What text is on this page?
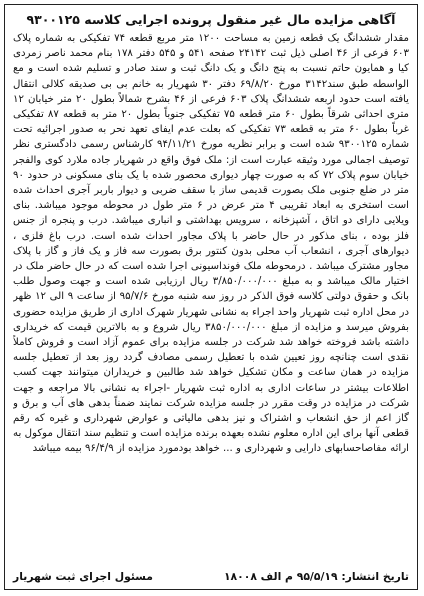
آگاهی مزایده مال غیر منقول پرونده اجرایی کلاسه ۹۳۰۰۱۲۵
مقدار ششدانگ یک قطعه زمین به مساحت ۱۲۰۰ متر مربع قطعه ۷۴ تفکیکی به شماره پلاک ۶۰۳ فرعی از ۴۶ اصلی ذیل ثبت ۲۴۱۴۲ صفحه ۵۴۱ و ۵۴۵ دفتر ۱۷۸ بنام محمد ناصر زمردی کیا و همایون حاتم نسبت به پنج دانگ و یک دانگ ثبت و سند صادر و تسلیم شده است و مع الواسطه طبق سند۳۱۴۲ مورخ ۶۹/۸/۲۰ دفتر ۳۰ شهریار به خانم بی بی صدیقه کلالی انتقال یافته است حدود اربعه ششدانگ پلاک ۶۰۳ فرعی از ۴۶ بشرح شمالاً بطول ۲۰ متر خیابان ۱۲ متری احداثی شرقاً بطول ۶۰ متر قطعه ۷۵ تفکیکی جنوباً بطول ۲۰ متر به قطعه ۸۷ تفکیکی غرباً بطول ۶۰ متر به قطعه ۷۳ تفکیکی که بعلت عدم ایفای تعهد نحر به صدور اجرائیه تحت شماره ۹۳۰۰۱۲۵ شده است و برابر نظریه مورخ ۹۴/۱۱/۲۱ کارشناس رسمی دادگستری نظر توصیف اجمالی مورد وثیقه عبارت است از: ملک فوق واقع در شهریار جاده ملارد کوی والفجر خیابان سوم پلاک ۷۲ که به صورت چهار دیواری محصور شده با یک بنای مسکونی در حدود ۹۰ متر در ضلع جنوبی ملک بصورت قدیمی ساز با سقف ضربی و دیوار باربر آجری احداث شده است استخری به ابعاد تقریبی ۴ متر عرض در ۶ متر طول در محوطه موجود میباشد. بنای ویلایی دارای دو اتاق ، آشپزخانه ، سرویس بهداشتی و انباری میباشد. درب و پنجره از جنس فلز بوده ، بنای مذکور در حال حاضر با پلاک مجاور احداث شده است. درب باغ فلزی ، دیوارهای آجری ، انشعاب آب محلی بدون کنتور برق بصورت سه فاز و یک فاز و گاز با پلاک مجاور مشترک میباشد . درمحوطه ملک فونداسیونی اجرا شده است که در حال حاضر ملک در اختیار مالک میباشد و به مبلغ ۳/۸۵۰/۰۰۰/۰۰۰ ریال ارزیابی شده است و جهت وصول طلب بانک و حقوق دولتی کلاسه فوق الذکر در روز سه شنبه مورخ ۹۵/۷/۶ از ساعت ۹ الی ۱۲ ظهر در محل اداره ثبت شهریار واحد اجراء به نشانی شهریار شهرک اداری از طریق مزایده حضوری بفروش میرسد و مزایده از مبلغ ۳۸۵۰/۰۰۰/۰۰۰ ریال شروع و به بالاترین قیمت که خریداری داشته باشد فروخته خواهد شد شرکت در جلسه مزایده برای عموم آزاد است و فروش کاملاً نقدی است چنانچه روز تعیین شده با تعطیل رسمی مصادف گردد روز بعد از تعطیل جلسه مزایده در همان ساعت و مکان تشکیل خواهد شد طالبین و خریداران میتوانند جهت کسب اطلاعات بیشتر در ساعات اداری به اداره ثبت شهریار -اجراء به نشانی بالا مراجعه و جهت شرکت در مزایده در وقت مقرر در جلسه مزایده شرکت نمایند ضمناً بدهی های آب و برق و گاز اعم از حق انشعاب و اشتراک و نیز بدهی مالیاتی و عوارض شهرداری و غیره که رقم قطعی آنها برای این اداره معلوم نشده بعهده برنده مزایده است و تنظیم سند انتقال موکول به ارائه مفاصاحسابهای دارایی و شهرداری و ... خواهد بودمورد مزایده از ۹۶/۴/۹ بیمه میباشد
تاریخ انتشار: ۹۵/۵/۱۹ م الف ۱۸۰۰۸
مسئول اجرای ثبت شهریار
